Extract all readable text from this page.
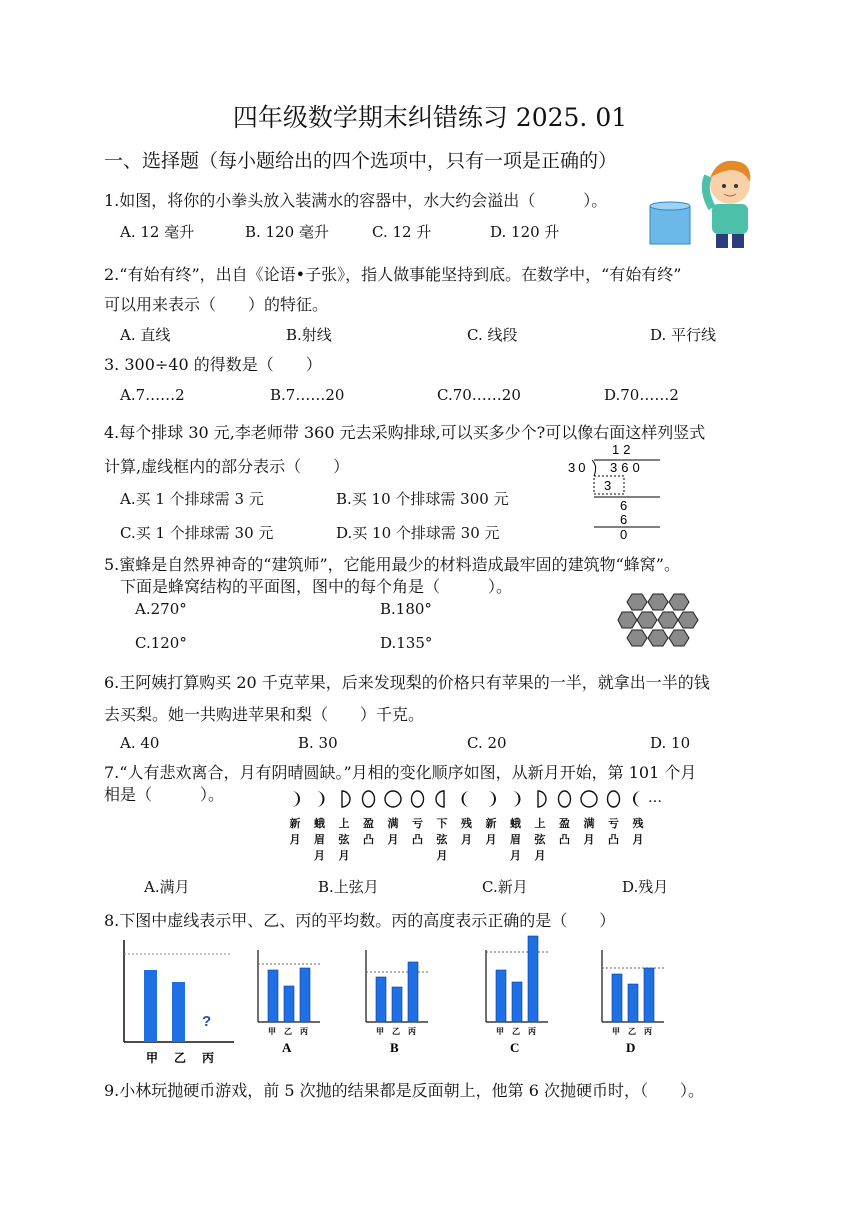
四年级数学期末纠错练习 2025. 01
一、选择题（每小题给出的四个选项中，只有一项是正确的）
1.如图，将你的小拳头放入装满水的容器中，水大约会溢出（　　　）。
A. 12 毫升	B. 120 毫升	C. 12 升	D. 120 升
2.“有始有终”，出自《论语•子张》，指人做事能坚持到底。在数学中，“有始有终”
可以用来表示（　　）的特征。
A. 直线	B.射线	C. 线段	D. 平行线
3. 300÷40 的得数是（　　）
A.7……2	B.7……20	C.70……20	D.70……2
4.每个排球 30 元,李老师带 360 元去采购排球,可以买多少个?可以像右面这样列竖式
计算,虚线框内的部分表示（　　）
A.买 1 个排球需 3 元	B.买 10 个排球需 300 元
C.买 1 个排球需 30 元	D.买 10 个排球需 30 元
12
30 360
3
6
6
0
5.蜜蜂是自然界神奇的“建筑师”，它能用最少的材料造成最牢固的建筑物“蜂窝”。
下面是蜂窝结构的平面图，图中的每个角是（　　　）。
A.270°	B.180°
C.120°	D.135°
6.王阿姨打算购买 20 千克苹果，后来发现梨的价格只有苹果的一半，就拿出一半的钱
去买梨。她一共购进苹果和梨（　　）千克。
A. 40	B. 30	C. 20	D. 10
7.“人有悲欢离合，月有阴晴圆缺。”月相的变化顺序如图，从新月开始，第 101 个月
相是（　　　）。	…
新月
蛾眉月
上弦月
盈凸
满月
亏凸
下弦月
残月
新月
蛾眉月
上弦月
盈凸
满月
亏凸
残月
A.满月	B.上弦月	C.新月	D.残月
8.下图中虚线表示甲、乙、丙的平均数。丙的高度表示正确的是（　　）
?
甲 乙 丙
甲 乙 丙
A
甲 乙 丙
B
甲 乙 丙
C
甲 乙 丙
D
9.小林玩抛硬币游戏，前 5 次抛的结果都是反面朝上，他第 6 次抛硬币时，（　　）。
